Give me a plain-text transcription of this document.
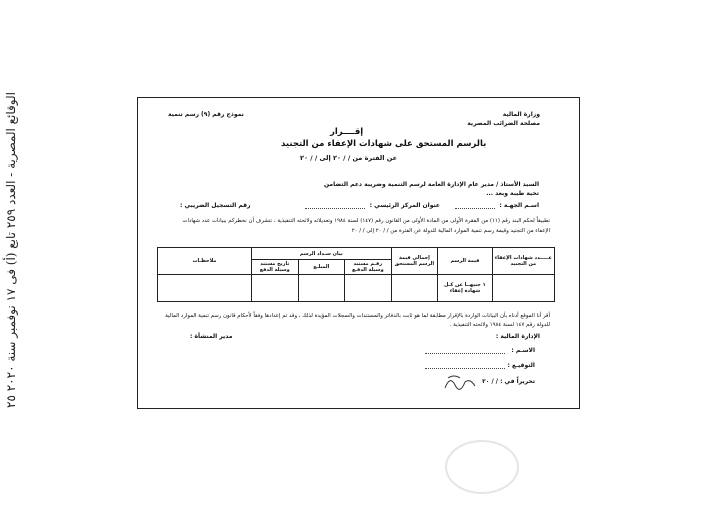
الوقائع المصرية - العدد ٢٥٩ تابع (أ) فى ١٧ نوفمبر سنة ٢٠٢٠ ٢٥	وزارة المالية
مصلحة الضرائب المصرية
نموذج رقم (٩) رسم تنمية
إقــــرار
بالرسم المستحق على شهادات الإعفاء من التجنيد
عن الفترة من / / ٢٠ إلى / / ٢٠
السيد الأستاذ / مدير عام الإدارة العامة لرسم التنمية وضريبة دعم التضامن
تحية طيبة وبعد ...
اسـم الجهـة :
عنوان المركز الرئيسي :
رقم التسجيل الضريبي :
تطبيقاً لحكم البند رقم (١١) من الفقرة الأولى من المادة الأولى من القانون رقم (١٤٧) لسنة ١٩٨٤ وتعديلاته ولائحته التنفيذية ، نتشرف أن نخطركم ببيانات عدد شهادات
الإعفاء من التجنيد وقيمة رسم تنمية الموارد المالية للدولة عن الفترة من / / ٢٠ إلى / / ٢٠
عـــــدد شهادات الإعفاء من التجنيد	قيمة الرسم	إجمالي قيمة الرسم المستحق	بيان سـداد الرسم			ملاحظـات
			رقـم مستند وسيلة الدفـع	المبلـغ	تاريخ مستند وسيلة الدفع	
	١ جنيهــا عن كـل شهادة إعفاء					
أقر أنا الموقع أدناه بأن البيانات الواردة بالإقرار مطابقة لما هو ثابت بالدفاتر والمستندات والسجلات المؤيدة لذلك ، وقد تم إعدادها وفقاً لأحكام قانون رسم تنمية الموارد المالية
للدولة رقم ١٤٧ لسنة ١٩٨٤ ولائحته التنفيذية .
الإدارة المالية :
مدير المنشأة :
الاسـم :
التوقيـع :
تحريراً في : / / ٢٠
